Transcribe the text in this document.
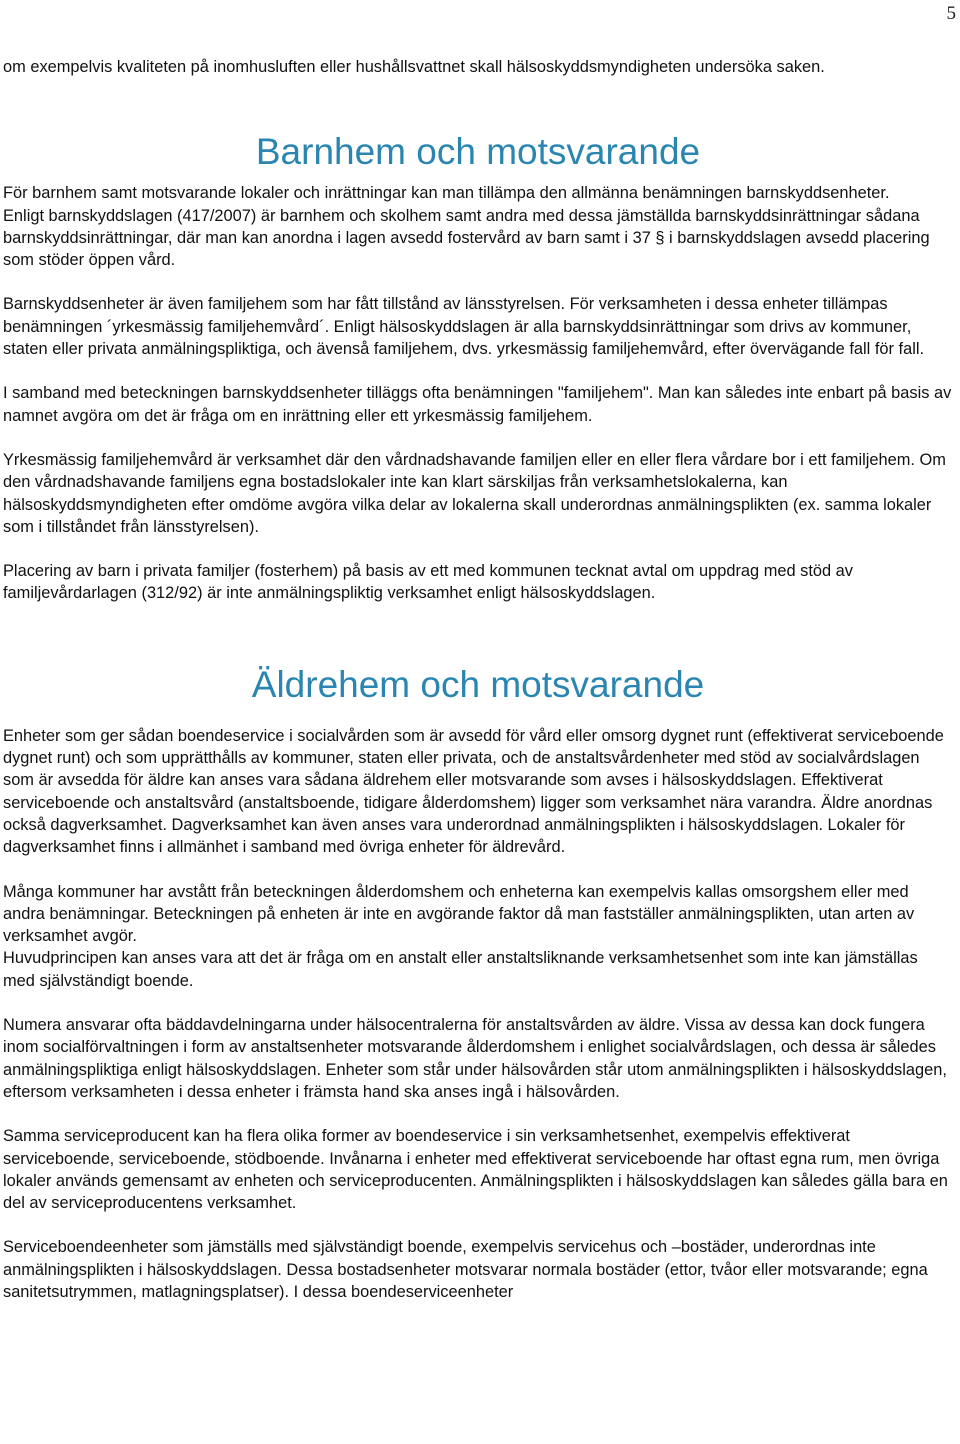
5

om exempelvis kvaliteten på inomhusluften eller hushållsvattnet skall hälsoskyddsmyndigheten undersöka saken.

Barnhem och motsvarande

För barnhem samt motsvarande lokaler och inrättningar kan man tillämpa den allmänna benämningen barnskyddsenheter.

Enligt barnskyddslagen (417/2007) är barnhem och skolhem samt andra med dessa jämställda barnskyddsinrättningar sådana barnskyddsinrättningar, där man kan anordna i lagen avsedd fostervård av barn samt i 37 § i barnskyddslagen avsedd placering som stöder öppen vård.

Barnskyddsenheter är även familjehem som har fått tillstånd av länsstyrelsen. För verksamheten i dessa enheter tillämpas benämningen ´yrkesmässig familjehemvård´. Enligt hälsoskyddslagen är alla barnskyddsinrättningar som drivs av kommuner, staten eller privata anmälningspliktiga, och ävenså familjehem, dvs. yrkesmässig familjehemvård, efter övervägande fall för fall.

I samband med beteckningen barnskyddsenheter tilläggs ofta benämningen "familjehem". Man kan således inte enbart på basis av namnet avgöra om det är fråga om en inrättning eller ett yrkesmässig familjehem.

Yrkesmässig familjehemvård är verksamhet där den vårdnadshavande familjen eller en eller flera vårdare bor i ett familjehem. Om den vårdnadshavande familjens egna bostadslokaler inte kan klart särskiljas från verksamhetslokalerna, kan hälsoskyddsmyndigheten efter omdöme avgöra vilka delar av lokalerna skall underordnas anmälningsplikten (ex. samma lokaler som i tillståndet från länsstyrelsen).

Placering av barn i privata familjer (fosterhem) på basis av ett med kommunen tecknat avtal om uppdrag med stöd av familjevårdarlagen (312/92) är inte anmälningspliktig verksamhet enligt hälsoskyddslagen.

Äldrehem och motsvarande

Enheter som ger sådan boendeservice i socialvården som är avsedd för vård eller omsorg dygnet runt (effektiverat serviceboende dygnet runt) och som upprätthålls av kommuner, staten eller privata, och de anstaltsvårdenheter med stöd av socialvårdslagen som är avsedda för äldre kan anses vara sådana äldrehem eller motsvarande som avses i hälsoskyddslagen. Effektiverat serviceboende och anstaltsvård (anstaltsboende, tidigare ålderdomshem) ligger som verksamhet nära varandra. Äldre anordnas också dagverksamhet. Dagverksamhet kan även anses vara underordnad anmälningsplikten i hälsoskyddslagen. Lokaler för dagverksamhet finns i allmänhet i samband med övriga enheter för äldrevård.

Många kommuner har avstått från beteckningen ålderdomshem och enheterna kan exempelvis kallas omsorgshem eller med andra benämningar. Beteckningen på enheten är inte en avgörande faktor då man fastställer anmälningsplikten, utan arten av verksamhet avgör.

Huvudprincipen kan anses vara att det är fråga om en anstalt eller anstaltsliknande verksamhetsenhet som inte kan jämställas med självständigt boende.

Numera ansvarar ofta bäddavdelningarna under hälsocentralerna för anstaltsvården av äldre. Vissa av dessa kan dock fungera inom socialförvaltningen i form av anstaltsenheter motsvarande ålderdomshem i enlighet socialvårdslagen, och dessa är således anmälningspliktiga enligt hälsoskyddslagen. Enheter som står under hälsovården står utom anmälningsplikten i hälsoskyddslagen, eftersom verksamheten i dessa enheter i främsta hand ska anses ingå i hälsovården.

Samma serviceproducent kan ha flera olika former av boendeservice i sin verksamhetsenhet, exempelvis effektiverat serviceboende, serviceboende, stödboende. Invånarna i enheter med effektiverat serviceboende har oftast egna rum, men övriga lokaler används gemensamt av enheten och serviceproducenten. Anmälningsplikten i hälsoskyddslagen kan således gälla bara en del av serviceproducentens verksamhet.

Serviceboendeenheter som jämställs med självständigt boende, exempelvis servicehus och –bostäder, underordnas inte anmälningsplikten i hälsoskyddslagen. Dessa bostadsenheter motsvarar normala bostäder (ettor, tvåor eller motsvarande; egna sanitetsutrymmen, matlagningsplatser). I dessa boendeserviceenheter
